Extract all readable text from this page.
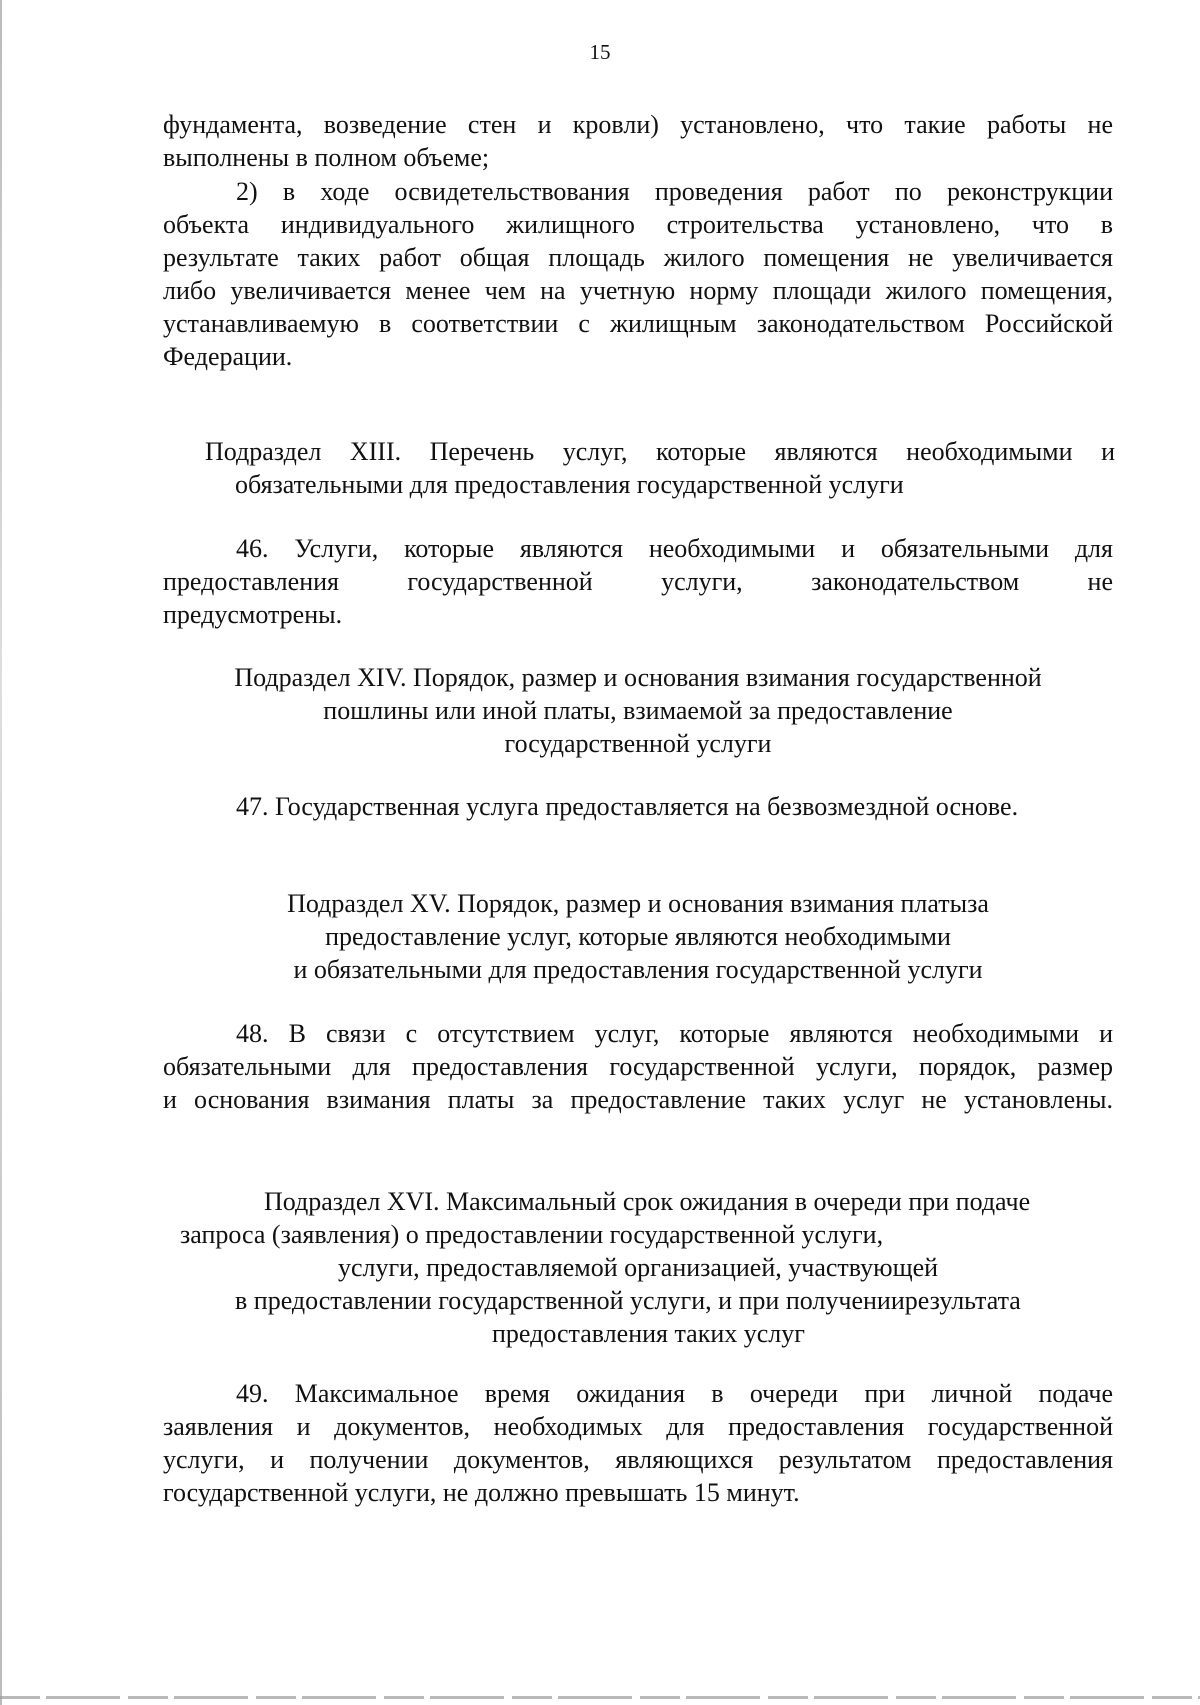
15
фундамента, возведение стен и кровли) установлено, что такие работы не
выполнены в полном объеме;
2) в ходе освидетельствования проведения работ по реконструкции
объекта индивидуального жилищного строительства установлено, что в
результате таких работ общая площадь жилого помещения не увеличивается
либо увеличивается менее чем на учетную норму площади жилого помещения,
устанавливаемую в соответствии с жилищным законодательством Российской
Федерации.
Подраздел XIII. Перечень услуг, которые являются необходимыми и
обязательными для предоставления государственной услуги
46. Услуги, которые являются необходимыми и обязательными для
предоставления государственной услуги, законодательством не
предусмотрены.
Подраздел XIV. Порядок, размер и основания взимания государственной
пошлины или иной платы, взимаемой за предоставление
государственной услуги
47. Государственная услуга предоставляется на безвозмездной основе.
Подраздел XV. Порядок, размер и основания взимания платыза
предоставление услуг, которые являются необходимыми
и обязательными для предоставления государственной услуги
48. В связи с отсутствием услуг, которые являются необходимыми и
обязательными для предоставления государственной услуги, порядок, размер
и основания взимания платы за предоставление таких услуг не установлены.
Подраздел XVI. Максимальный срок ожидания в очереди при подаче
запроса (заявления) о предоставлении государственной услуги,
услуги, предоставляемой организацией, участвующей
в предоставлении государственной услуги, и при получениирезультата
предоставления таких услуг
49. Максимальное время ожидания в очереди при личной подаче
заявления и документов, необходимых для предоставления государственной
услуги, и получении документов, являющихся результатом предоставления
государственной услуги, не должно превышать 15 минут.
